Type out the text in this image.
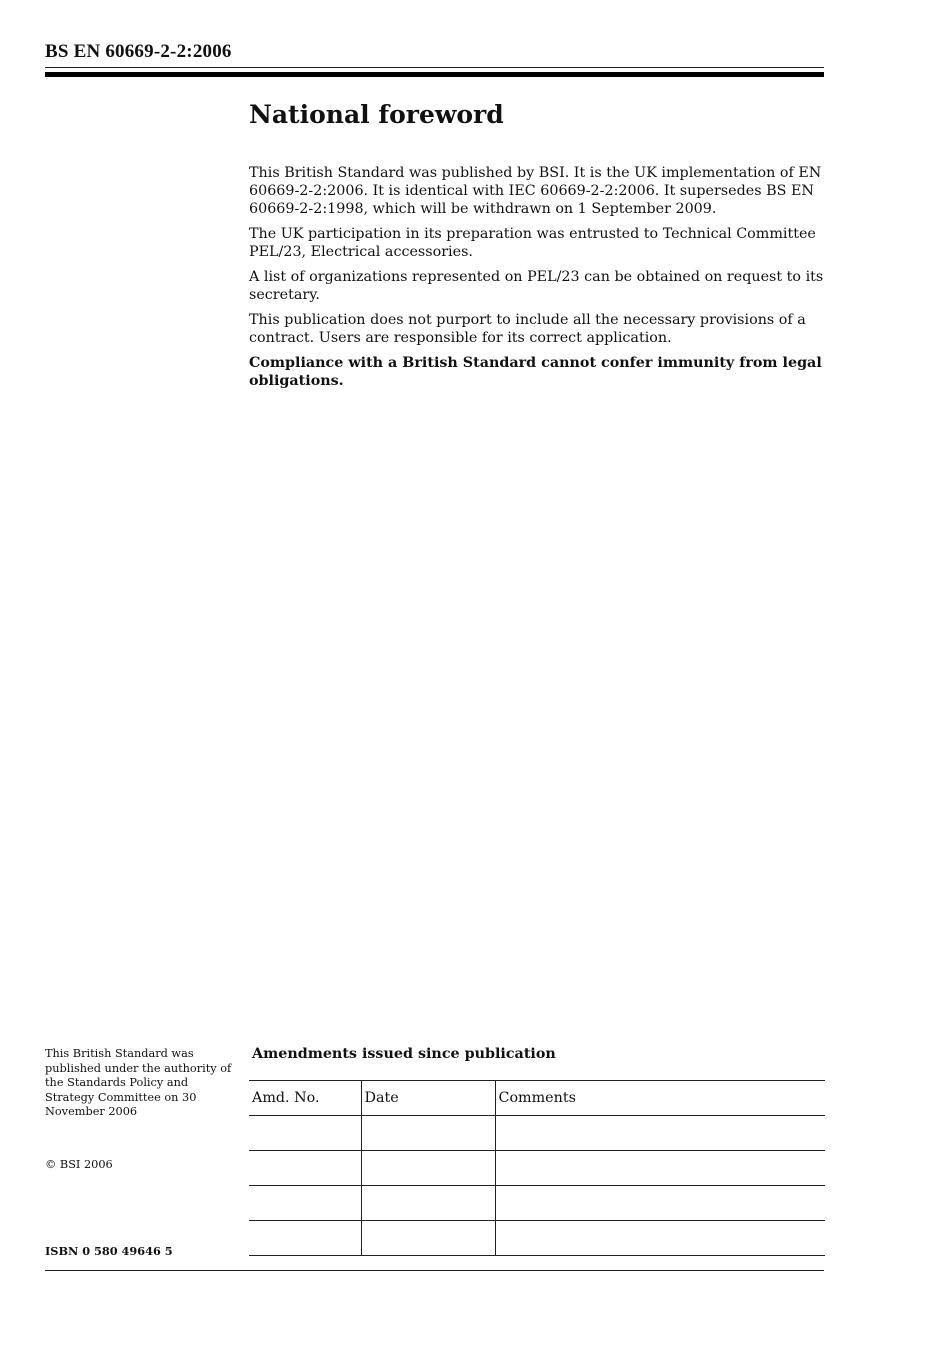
BS EN 60669-2-2:2006
National foreword

This British Standard was published by BSI. It is the UK implementation of EN 60669-2-2:2006. It is identical with IEC 60669-2-2:2006. It supersedes BS EN 60669-2-2:1998, which will be withdrawn on 1 September 2009.

The UK participation in its preparation was entrusted to Technical Committee PEL/23, Electrical accessories.

A list of organizations represented on PEL/23 can be obtained on request to its secretary.

This publication does not purport to include all the necessary provisions of a contract. Users are responsible for its correct application.

Compliance with a British Standard cannot confer immunity from legal obligations.

This British Standard was published under the authority of the Standards Policy and Strategy Committee on 30 November 2006
© BSI 2006
ISBN 0 580 49646 5
Amendments issued since publication
Amd. No.	Date	Comments
